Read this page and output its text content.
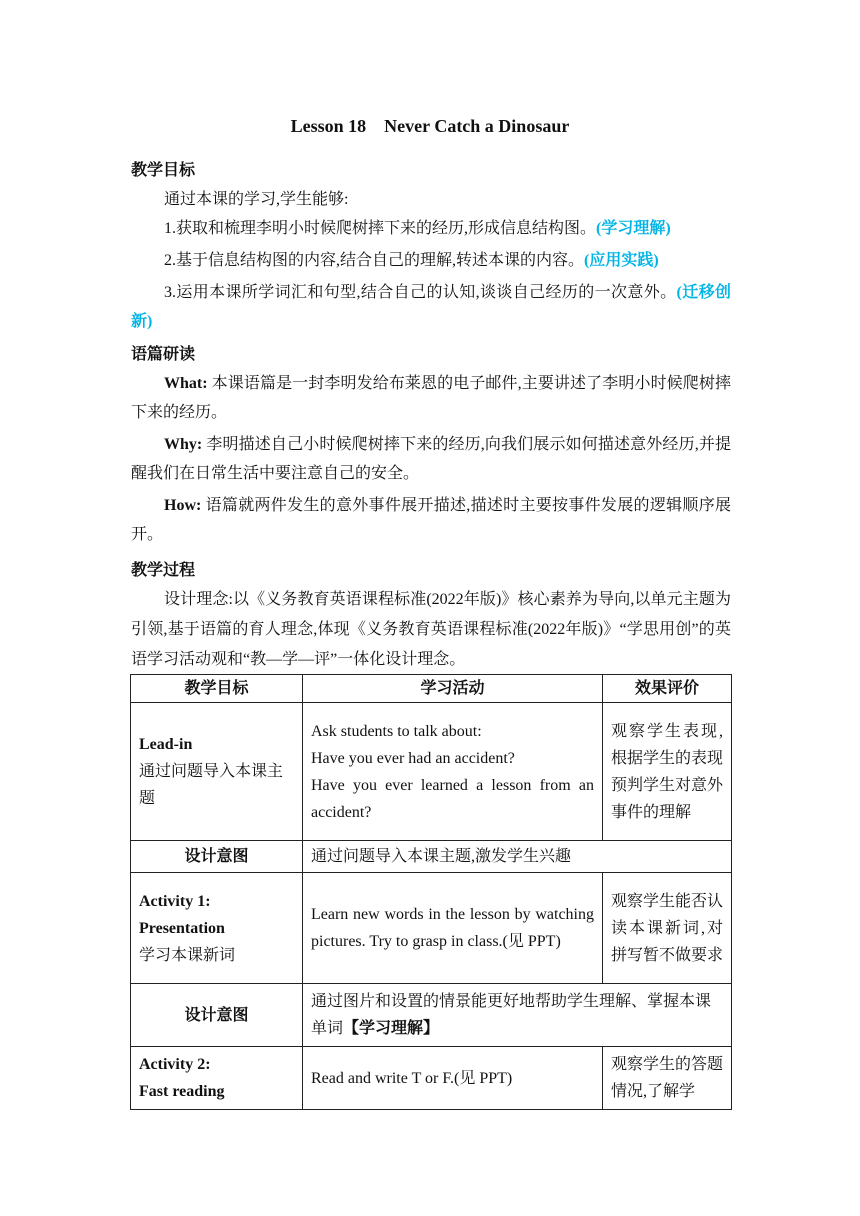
Lesson 18    Never Catch a Dinosaur
教学目标
通过本课的学习,学生能够:
1.获取和梳理李明小时候爬树摔下来的经历,形成信息结构图。(学习理解)
2.基于信息结构图的内容,结合自己的理解,转述本课的内容。(应用实践)
3.运用本课所学词汇和句型,结合自己的认知,谈谈自己经历的一次意外。(迁移创新)
语篇研读
What: 本课语篇是一封李明发给布莱恩的电子邮件,主要讲述了李明小时候爬树摔下来的经历。
Why: 李明描述自己小时候爬树摔下来的经历,向我们展示如何描述意外经历,并提醒我们在日常生活中要注意自己的安全。
How: 语篇就两件发生的意外事件展开描述,描述时主要按事件发展的逻辑顺序展开。
教学过程
设计理念:以《义务教育英语课程标准(2022年版)》核心素养为导向,以单元主题为引领,基于语篇的育人理念,体现《义务教育英语课程标准(2022年版)》“学思用创”的英语学习活动观和“教—学—评”一体化设计理念。
教学目标	学习活动	效果评价
Lead-in
通过问题导入本课主题	Ask students to talk about:
Have you ever had an accident?
Have you ever learned a lesson from an accident?	观察学生表现,根据学生的表现预判学生对意外事件的理解
设计意图	通过问题导入本课主题,激发学生兴趣	
Activity 1:
Presentation
学习本课新词	Learn new words in the lesson by watching pictures. Try to grasp in class.(见 PPT)	观察学生能否认读本课新词,对拼写暂不做要求
设计意图	通过图片和设置的情景能更好地帮助学生理解、掌握本课单词【学习理解】	
Activity 2:
Fast reading	Read and write T or F.(见 PPT)	观察学生的答题情况,了解学
